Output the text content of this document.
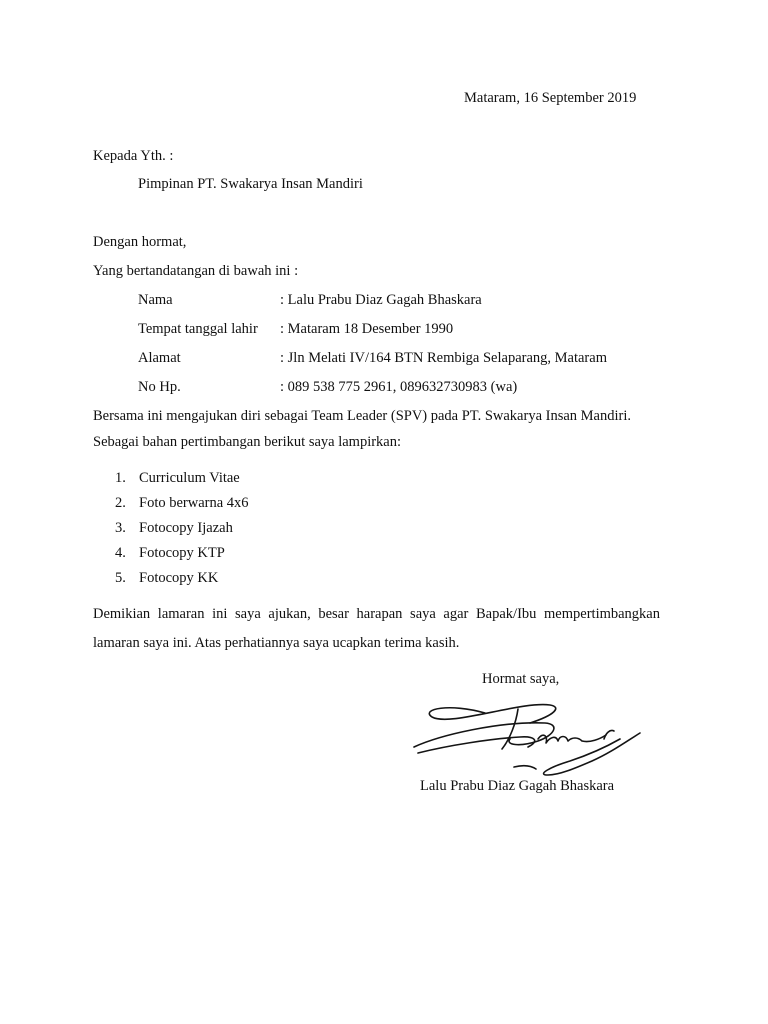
Mataram, 16 September 2019
Kepada Yth. :
Pimpinan PT. Swakarya Insan Mandiri
Dengan hormat,
Yang bertandatangan di bawah ini :
Nama	: Lalu Prabu Diaz Gagah Bhaskara
Tempat tanggal lahir : Mataram 18 Desember 1990
Alamat	: Jln Melati IV/164 BTN Rembiga Selaparang, Mataram
No Hp.	: 089 538 775 2961, 089632730983 (wa)
Bersama ini mengajukan diri sebagai Team Leader (SPV) pada PT. Swakarya Insan Mandiri.
Sebagai bahan pertimbangan berikut saya lampirkan:
1. Curriculum Vitae
2. Foto berwarna 4x6
3. Fotocopy Ijazah
4. Fotocopy KTP
5. Fotocopy KK
Demikian lamaran ini saya ajukan, besar harapan saya agar Bapak/Ibu mempertimbangkan lamaran saya ini. Atas perhatiannya saya ucapkan terima kasih.
Hormat saya,
Lalu Prabu Diaz Gagah Bhaskara
